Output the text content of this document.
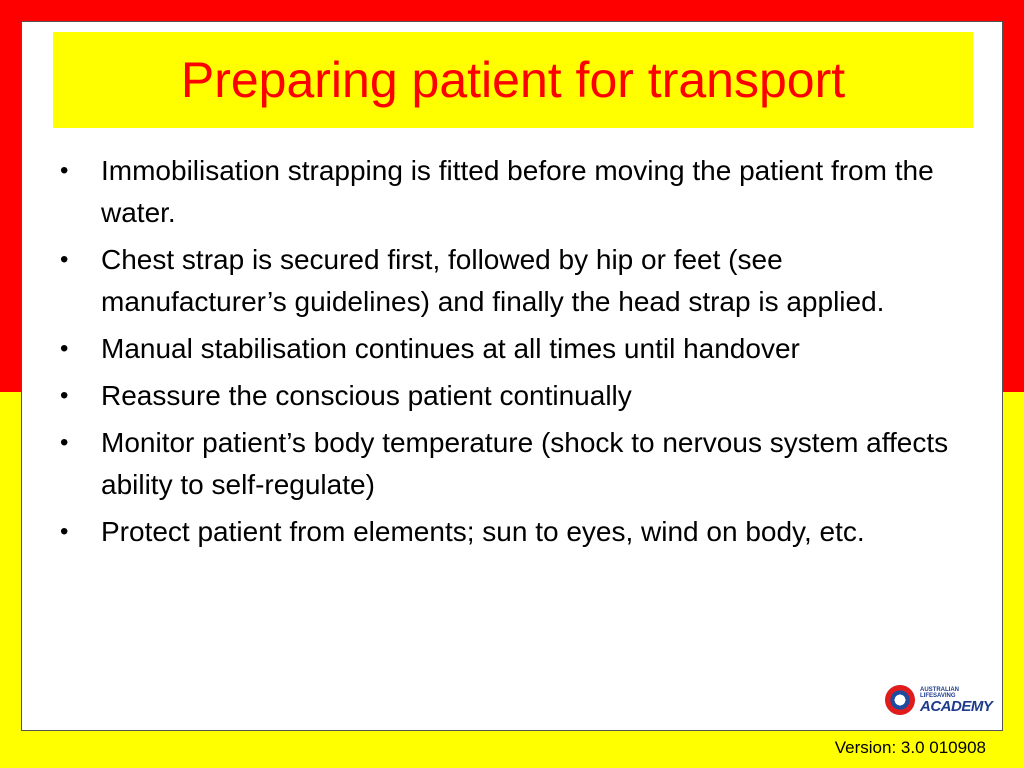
Preparing patient for transport
• Immobilisation strapping is fitted before moving the patient from the water.
• Chest strap is secured first, followed by hip or feet (see manufacturer’s guidelines) and finally the head strap is applied.
• Manual stabilisation continues at all times until handover
• Reassure the conscious patient continually
• Monitor patient’s body temperature (shock to nervous system affects ability to self-regulate)
• Protect patient from elements; sun to eyes, wind on body, etc.
AUSTRALIAN LIFESAVING
ACADEMY
Version: 3.0 010908
